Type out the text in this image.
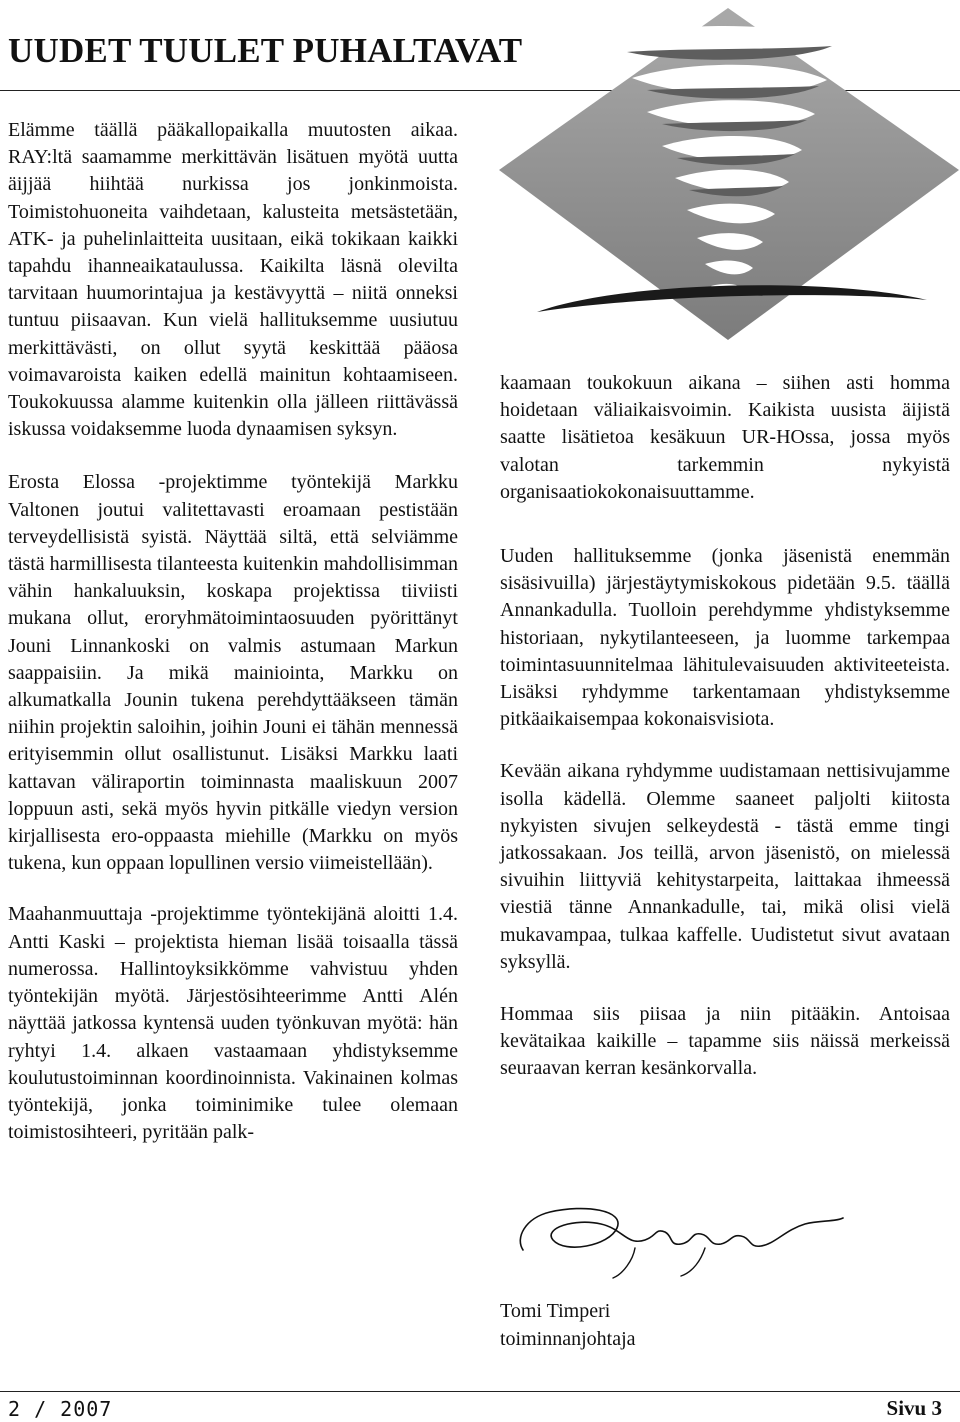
UUDET TUULET PUHALTAVAT

Elämme täällä pääkallopaikalla muutosten aikaa. RAY:ltä saamamme merkittävän lisätuen myötä uutta äijjää hiihtää nurkissa jos jonkinmoista. Toimistohuoneita vaihdetaan, kalusteita metsästetään, ATK- ja puhelinlaitteita uusitaan, eikä tokikaan kaikki tapahdu ihanneaikataulussa. Kaikilta läsnä olevilta tarvitaan huumorintajua ja kestävyyttä – niitä onneksi tuntuu piisaavan. Kun vielä hallituksemme uusiutuu merkittävästi, on ollut syytä keskittää pääosa voimavaroista kaiken edellä mainitun kohtaamiseen. Toukokuussa alamme kuitenkin olla jälleen riittävässä iskussa voidaksemme luoda dynaamisen syksyn.

Erosta Elossa -projektimme työntekijä Markku Valtonen joutui valitettavasti eroamaan pestistään terveydellisistä syistä. Näyttää siltä, että selviämme tästä harmillisesta tilanteesta kuitenkin mahdollisimman vähin hankaluuksin, koskapa projektissa tiiviisti mukana ollut, eroryhmätoimintaosuuden pyörittänyt Jouni Linnankoski on valmis astumaan Markun saappaisiin. Ja mikä mainiointa, Markku on alkumatkalla Jounin tukena perehdyttääkseen tämän niihin projektin saloihin, joihin Jouni ei tähän mennessä erityisemmin ollut osallistunut. Lisäksi Markku laati kattavan väliraportin toiminnasta maaliskuun 2007 loppuun asti, sekä myös hyvin pitkälle viedyn version kirjallisesta ero-oppaasta miehille (Markku on myös tukena, kun oppaan lopullinen versio viimeistellään).

Maahanmuuttaja -projektimme työntekijänä aloitti 1.4. Antti Kaski – projektista hieman lisää toisaalla tässä numerossa. Hallintoyksikkömme vahvistuu yhden työntekijän myötä. Järjestösihteerimme Antti Alén näyttää jatkossa kyntensä uuden työnkuvan myötä: hän ryhtyi 1.4. alkaen vastaamaan yhdistyksemme koulutustoiminnan koordinoinnista. Vakinainen kolmas työntekijä, jonka toiminimike tulee olemaan toimistosihteeri, pyritään palk-

kaamaan toukokuun aikana – siihen asti homma hoidetaan väliaikaisvoimin. Kaikista uusista äijistä saatte lisätietoa kesäkuun UR-HOssa, jossa myös valotan tarkemmin nykyistä organisaatiokokonaisuuttamme.

Uuden hallituksemme (jonka jäsenistä enemmän sisäsivuilla) järjestäytymiskokous pidetään 9.5. täällä Annankadulla. Tuolloin perehdymme yhdistyksemme historiaan, nykytilanteeseen, ja luomme tarkempaa toimintasuunnitelmaa lähitulevaisuuden aktiviteeteista. Lisäksi ryhdymme tarkentamaan yhdistyksemme pitkäaikaisempaa kokonaisvisiota.

Kevään aikana ryhdymme uudistamaan nettisivujamme isolla kädellä. Olemme saaneet paljolti kiitosta nykyisten sivujen selkeydestä - tästä emme tingi jatkossakaan. Jos teillä, arvon jäsenistö, on mielessä sivuihin liittyviä kehitystarpeita, laittakaa ihmeessä viestiä tänne Annankadulle, tai, mikä olisi vielä mukavampaa, tulkaa kaffelle. Uudistetut sivut avataan syksyllä.

Hommaa siis piisaa ja niin pitääkin. Antoisaa kevätaikaa kaikille – tapamme siis näissä merkeissä seuraavan kerran kesänkorvalla.

Tomi Timperi
toiminnanjohtaja
2 / 2007	Sivu 3
